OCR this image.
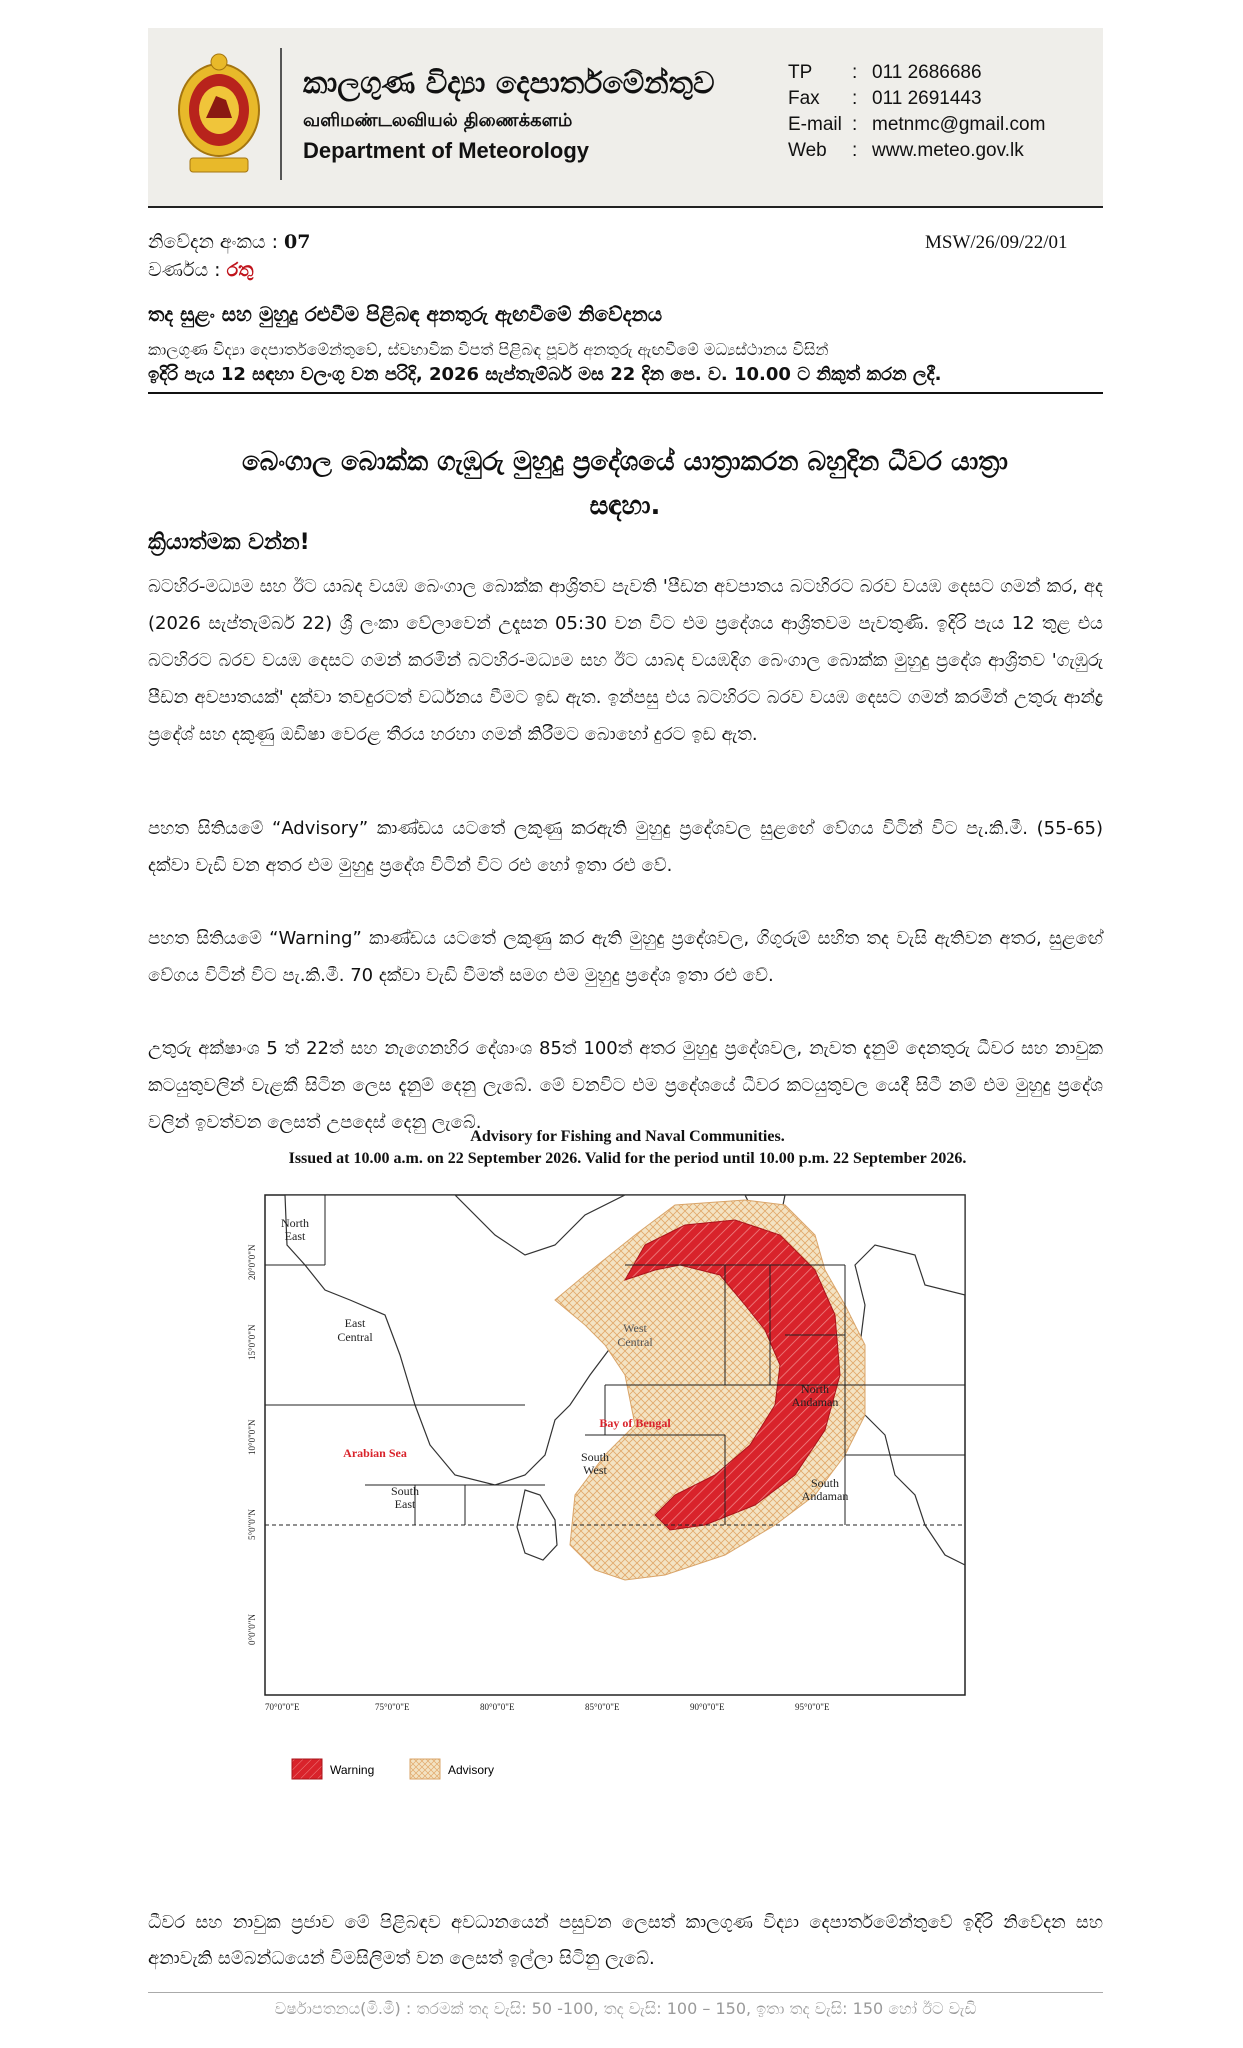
කාලගුණ විද්‍යා දෙපාර්තමේන්තුව
வளிமண்டலவியல் திணைக்களம்
Department of Meteorology
TP	: 011 2686686
Fax	: 011 2691443
E-mail : metnmc@gmail.com
Web	: www.meteo.gov.lk
නිවේදන අංකය : 07
වර්ණය : රතු
MSW/26/09/22/01
තද සුළං සහ මුහුදු රළුවීම පිළිබඳ අනතුරු ඇඟවීමේ නිවේදනය
කාලගුණ විද්‍යා දෙපාර්තමේන්තුවේ, ස්වභාවික විපත් පිළිබඳ පූර්ව අනතුරු ඇඟවීමේ මධ්‍යස්ථානය විසින්
ඉදිරි පැය 12 සඳහා වලංගු වන පරිදි, 2026 සැප්තැම්බර් මස 22 දින පෙ. ව. 10.00 ට නිකුත් කරන ලදී.
බෙංගාල බොක්ක ගැඹුරු මුහුදු ප්‍රදේශයේ යාත්‍රාකරන බහුදින ධීවර යාත්‍රා
සඳහා.
ක්‍රියාත්මක වන්න!
බටහිර-මධ්‍යම සහ ඊට යාබද වයඹ බෙංගාල බොක්ක ආශ්‍රිතව පැවති 'පීඩන අවපාතය බටහිරට බරව වයඹ දෙසට ගමන් කර, අද (2026 සැප්තැම්බර් 22) ශ්‍රී ලංකා වේලාවෙන් උදෑසන 05:30 වන විට එම ප්‍රදේශය ආශ්‍රිතවම පැවතුණි. ඉදිරි පැය 12 තුළ එය බටහිරට බරව වයඹ දෙසට ගමන් කරමින් බටහිර-මධ්‍යම සහ ඊට යාබද වයඹදිග බෙංගාල බොක්ක මුහුදු ප්‍රදේශ ආශ්‍රිතව 'ගැඹුරු පීඩන අවපාතයක්' දක්වා තවදුරටත් වර්ධනය වීමට ඉඩ ඇත. ඉන්පසු එය බටහිරට බරව වයඹ දෙසට ගමන් කරමින් උතුරු ආන්ද්‍ර ප්‍රදේශ් සහ දකුණු ඔඩිෂා වෙරළ තීරය හරහා ගමන් කිරීමට බොහෝ දුරට ඉඩ ඇත.
පහත සිතියමේ “Advisory” කාණ්ඩය යටතේ ලකුණු කරඇති මුහුදු ප්‍රදේශවල සුළඟේ වේගය විටින් විට පැ.කි.මී. (55-65) දක්වා වැඩි වන අතර එම මුහුදු ප්‍රදේශ විටින් විට රළු හෝ ඉතා රළු වේ.
පහත සිතියමේ “Warning” කාණ්ඩය යටතේ ලකුණු කර ඇති මුහුදු ප්‍රදේශවල, ගිගුරුම් සහිත තද වැසි ඇතිවන අතර, සුළඟේ වේගය විටින් විට පැ.කි.මී. 70 දක්වා වැඩි වීමත් සමග එම මුහුදු ප්‍රදේශ ඉතා රළු වේ.
උතුරු අක්ෂාංශ 5 ත් 22ත් සහ නැගෙනහිර දේශාංශ 85ත් 100ත් අතර මුහුදු ප්‍රදේශවල, නැවත දැනුම් දෙනතුරු ධීවර සහ නාවුක කටයුතුවලින් වැළකී සිටින ලෙස දැනුම් දෙනු ලැබේ. මේ වනවිට එම ප්‍රදේශයේ ධීවර කටයුතුවල යෙදී සිටී නම් එම මුහුදු ප්‍රදේශ වලින් ඉවත්වන ලෙසත් උපදෙස් දෙනු ලැබේ.
Advisory for Fishing and Naval Communities.
Issued at 10.00 a.m. on 22 September 2026. Valid for the period until 10.00 p.m. 22 September 2026.
20°0"0"N
15°0"0"N
10°0"0"N
5°0"0"N
0°0"0"N
70°0"0"E	75°0"0"E	80°0"0"E	85°0"0"E	90°0"0"E	95°0"0"E
North East
East Central
Arabian Sea
South East
South West
West Central
Bay of Bengal
North Andaman
South Andaman
Warning	Advisory
ධීවර සහ නාවුක ප්‍රජාව මේ පිළිබඳව අවධානයෙන් පසුවන ලෙසත් කාලගුණ විද්‍යා දෙපාර්තමේන්තුවේ ඉදිරි නිවේදන සහ අනාවැකි සම්බන්ධයෙන් විමසිලිමත් වන ලෙසත් ඉල්ලා සිටිනු ලැබේ.
වර්ෂාපතනය(මි.මී) : තරමක් තද වැසි: 50 -100, තද වැසි: 100 – 150, ඉතා තද වැසි: 150 හෝ ඊට වැඩි
